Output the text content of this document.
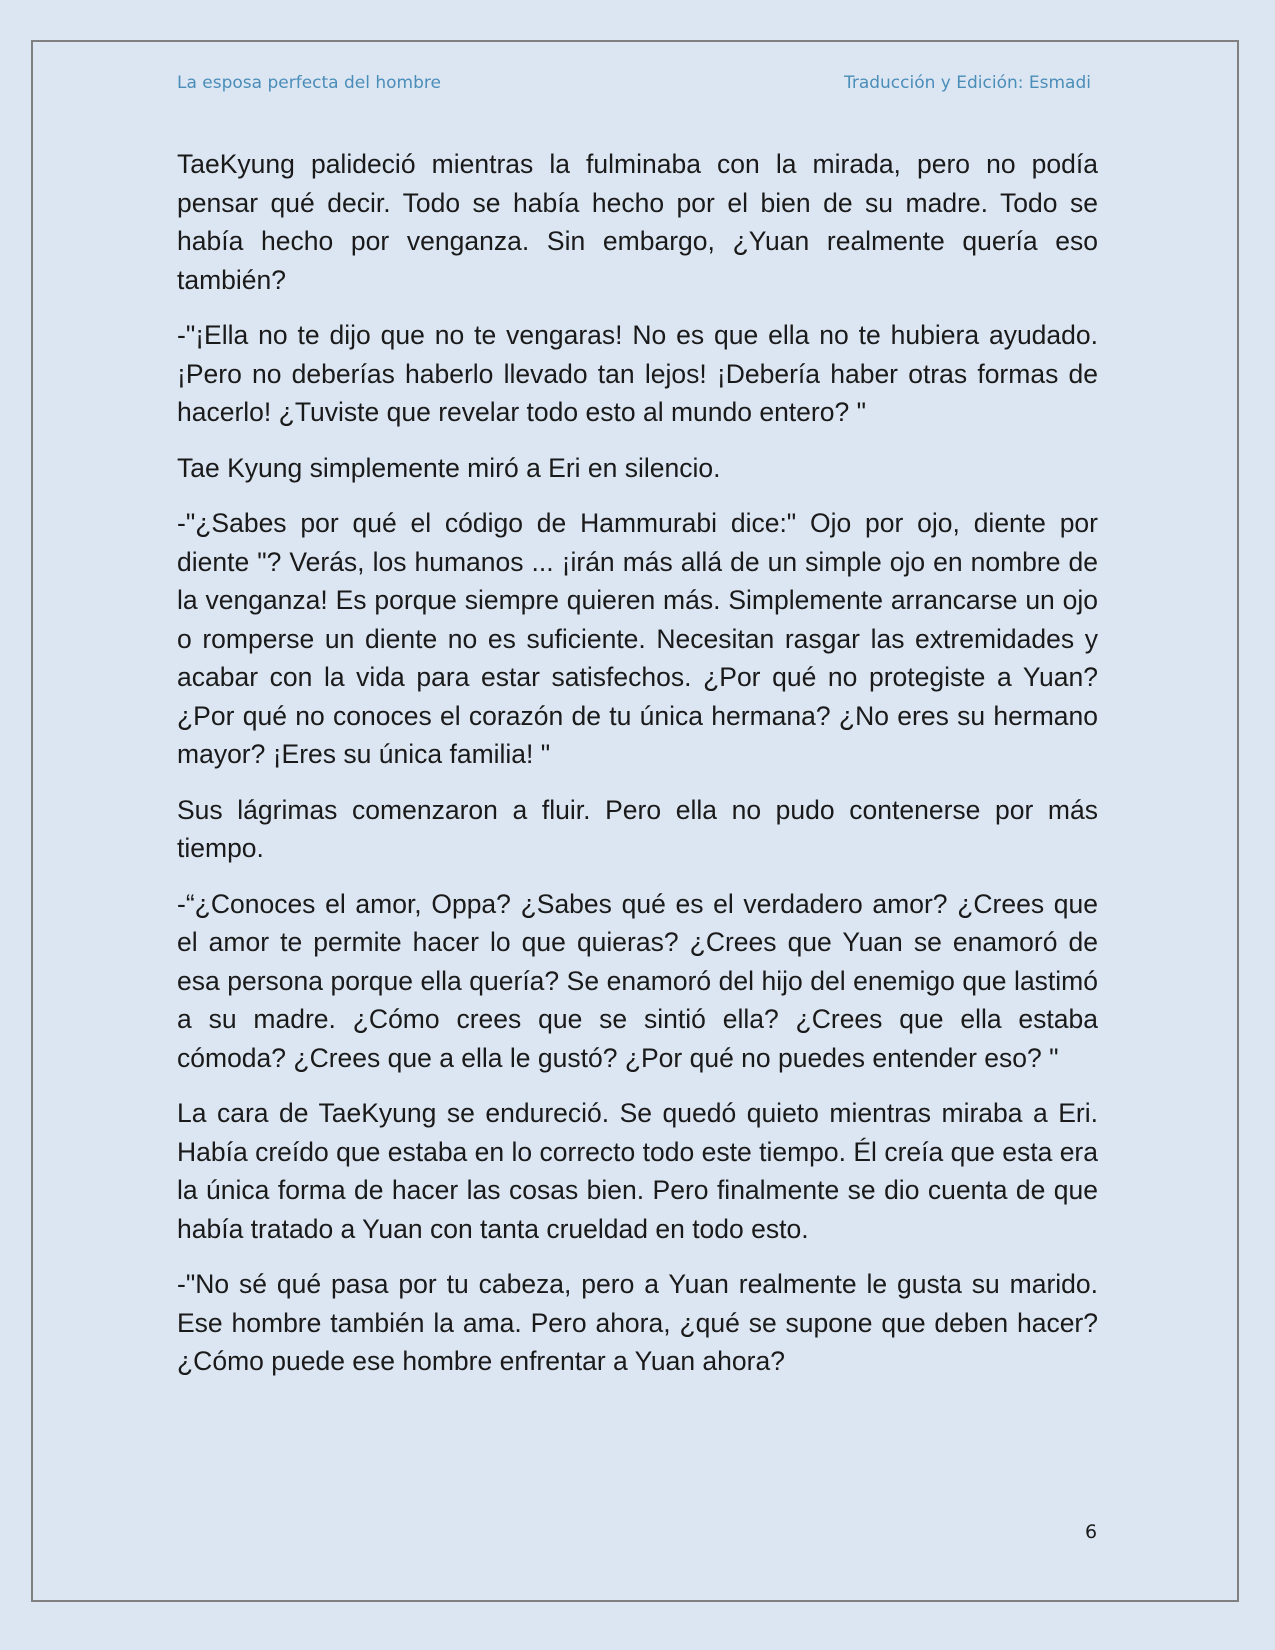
La esposa perfecta del hombre	Traducción y Edición: Esmadi

TaeKyung palideció mientras la fulminaba con la mirada, pero no podía pensar qué decir. Todo se había hecho por el bien de su madre. Todo se había hecho por venganza. Sin embargo, ¿Yuan realmente quería eso también?

-"¡Ella no te dijo que no te vengaras! No es que ella no te hubiera ayudado. ¡Pero no deberías haberlo llevado tan lejos! ¡Debería haber otras formas de hacerlo! ¿Tuviste que revelar todo esto al mundo entero? "

Tae Kyung simplemente miró a Eri en silencio.

-"¿Sabes por qué el código de Hammurabi dice:" Ojo por ojo, diente por diente "? Verás, los humanos ... ¡irán más allá de un simple ojo en nombre de la venganza! Es porque siempre quieren más. Simplemente arrancarse un ojo o romperse un diente no es suficiente. Necesitan rasgar las extremidades y acabar con la vida para estar satisfechos. ¿Por qué no protegiste a Yuan? ¿Por qué no conoces el corazón de tu única hermana? ¿No eres su hermano mayor? ¡Eres su única familia! "

Sus lágrimas comenzaron a fluir. Pero ella no pudo contenerse por más tiempo.

-“¿Conoces el amor, Oppa? ¿Sabes qué es el verdadero amor? ¿Crees que el amor te permite hacer lo que quieras? ¿Crees que Yuan se enamoró de esa persona porque ella quería? Se enamoró del hijo del enemigo que lastimó a su madre. ¿Cómo crees que se sintió ella? ¿Crees que ella estaba cómoda? ¿Crees que a ella le gustó? ¿Por qué no puedes entender eso? "

La cara de TaeKyung se endureció. Se quedó quieto mientras miraba a Eri. Había creído que estaba en lo correcto todo este tiempo. Él creía que esta era la única forma de hacer las cosas bien. Pero finalmente se dio cuenta de que había tratado a Yuan con tanta crueldad en todo esto.

-"No sé qué pasa por tu cabeza, pero a Yuan realmente le gusta su marido. Ese hombre también la ama. Pero ahora, ¿qué se supone que deben hacer? ¿Cómo puede ese hombre enfrentar a Yuan ahora?

6
